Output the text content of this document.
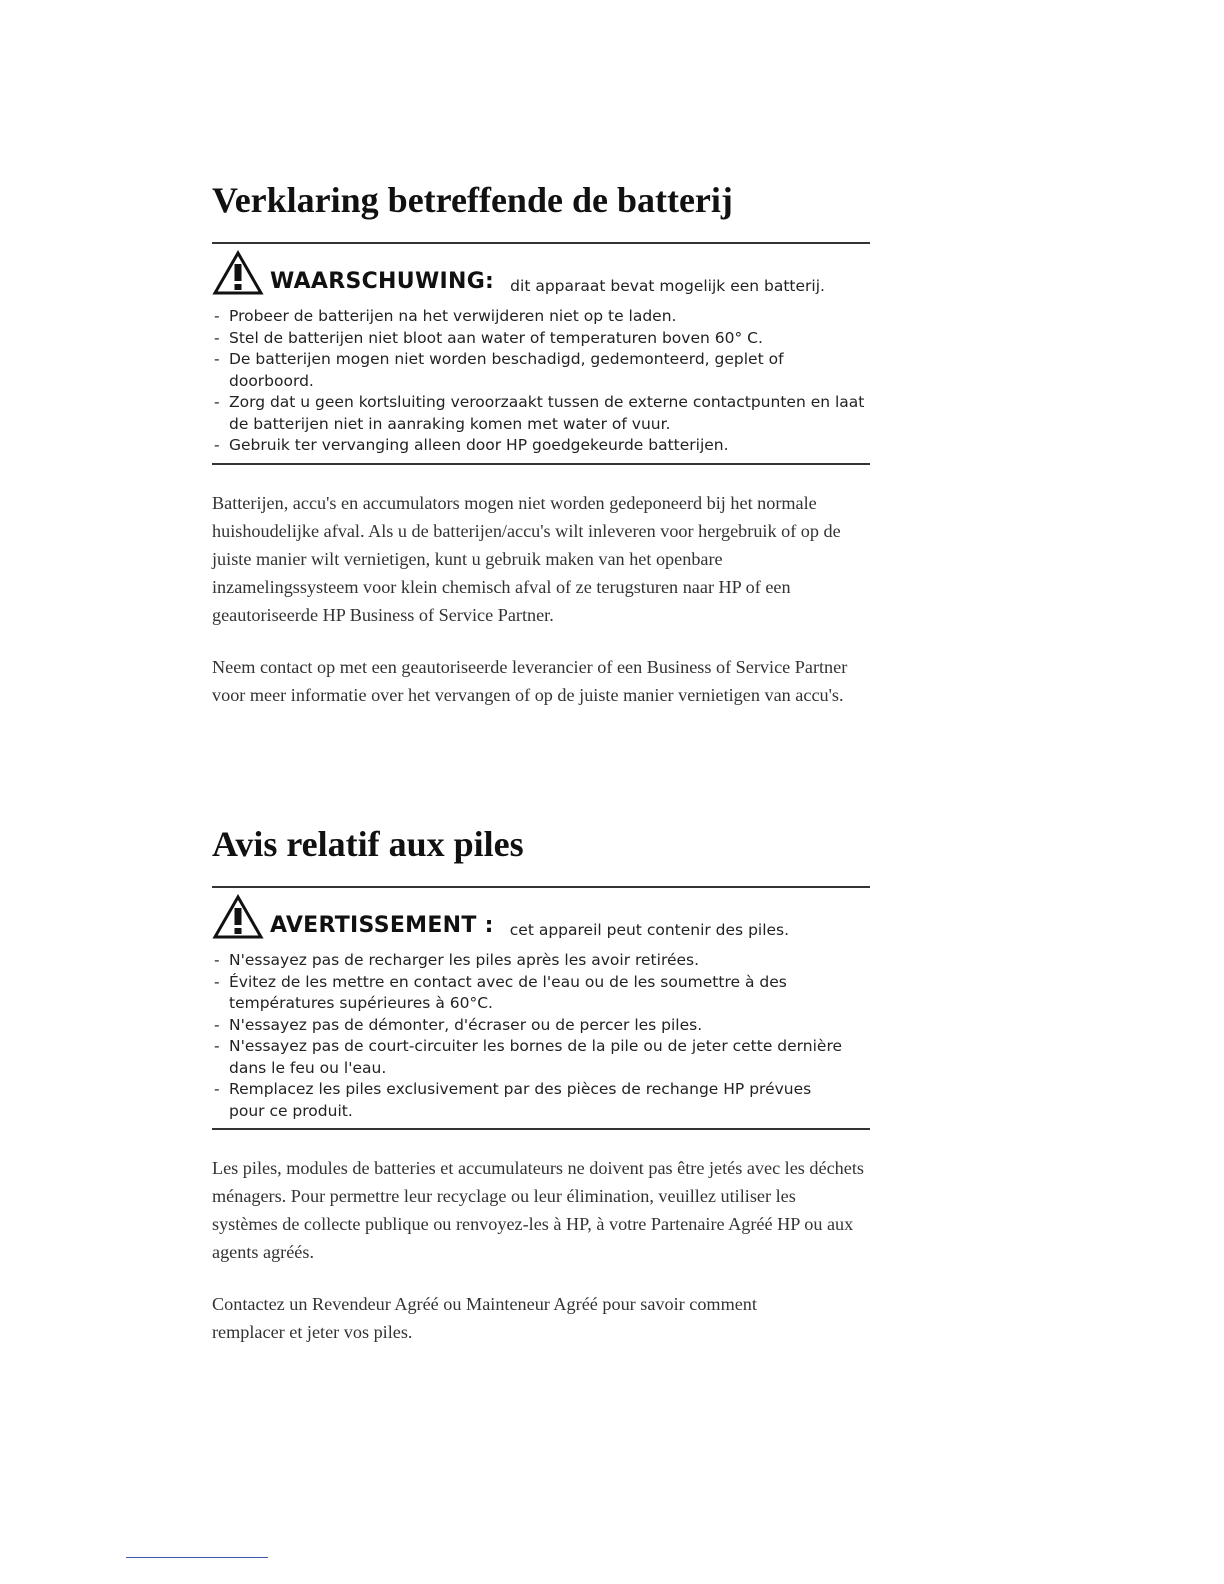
Verklaring betreffende de batterij
WAARSCHUWING: dit apparaat bevat mogelijk een batterij.
- Probeer de batterijen na het verwijderen niet op te laden.
- Stel de batterijen niet bloot aan water of temperaturen boven 60° C.
- De batterijen mogen niet worden beschadigd, gedemonteerd, geplet of doorboord.
- Zorg dat u geen kortsluiting veroorzaakt tussen de externe contactpunten en laat de batterijen niet in aanraking komen met water of vuur.
- Gebruik ter vervanging alleen door HP goedgekeurde batterijen.

Batterijen, accu's en accumulators mogen niet worden gedeponeerd bij het normale huishoudelijke afval. Als u de batterijen/accu's wilt inleveren voor hergebruik of op de juiste manier wilt vernietigen, kunt u gebruik maken van het openbare inzamelingssysteem voor klein chemisch afval of ze terugsturen naar HP of een geautoriseerde HP Business of Service Partner.

Neem contact op met een geautoriseerde leverancier of een Business of Service Partner voor meer informatie over het vervangen of op de juiste manier vernietigen van accu's.

Avis relatif aux piles
AVERTISSEMENT : cet appareil peut contenir des piles.
- N'essayez pas de recharger les piles après les avoir retirées.
- Évitez de les mettre en contact avec de l'eau ou de les soumettre à des températures supérieures à 60°C.
- N'essayez pas de démonter, d'écraser ou de percer les piles.
- N'essayez pas de court-circuiter les bornes de la pile ou de jeter cette dernière dans le feu ou l'eau.
- Remplacez les piles exclusivement par des pièces de rechange HP prévues pour ce produit.

Les piles, modules de batteries et accumulateurs ne doivent pas être jetés avec les déchets ménagers. Pour permettre leur recyclage ou leur élimination, veuillez utiliser les systèmes de collecte publique ou renvoyez-les à HP, à votre Partenaire Agréé HP ou aux agents agréés.

Contactez un Revendeur Agréé ou Mainteneur Agréé pour savoir comment remplacer et jeter vos piles.
